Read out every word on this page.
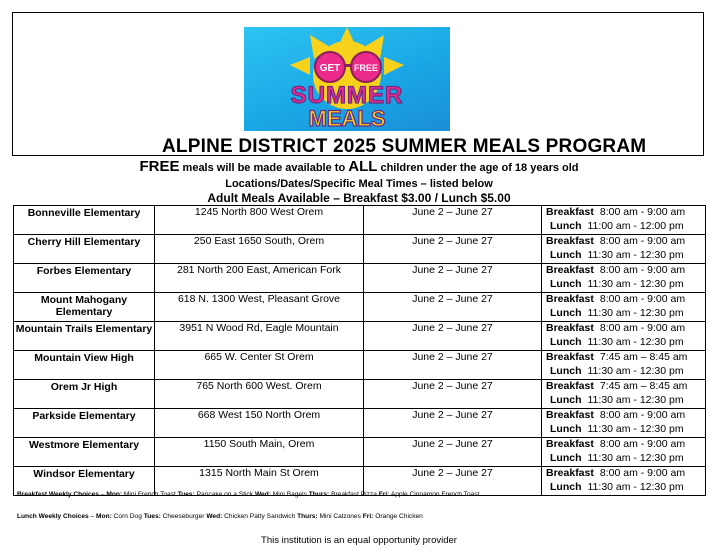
GET FREE
SUMMER
MEALS
ALPINE DISTRICT 2025 SUMMER MEALS PROGRAM
FREE meals will be made available to ALL children under the age of 18 years old
Locations/Dates/Specific Meal Times – listed below
Adult Meals Available – Breakfast $3.00 / Lunch $5.00
Bonneville Elementary	1245 North 800 West Orem	June 2 – June 27	Breakfast 8:00 am - 9:00 am
Lunch 11:00 am - 12:00 pm

Cherry Hill Elementary	250 East 1650 South, Orem	June 2 – June 27	Breakfast 8:00 am - 9:00 am
Lunch 11:30 am - 12:30 pm

Forbes Elementary	281 North 200 East, American Fork	June 2 – June 27	Breakfast 8:00 am - 9:00 am
Lunch 11:30 am - 12:30 pm

Mount Mahogany Elementary	618 N. 1300 West, Pleasant Grove	June 2 – June 27	Breakfast 8:00 am - 9:00 am
Lunch 11:30 am - 12:30 pm

Mountain Trails Elementary	3951 N Wood Rd, Eagle Mountain	June 2 – June 27	Breakfast 8:00 am - 9:00 am
Lunch 11:30 am - 12:30 pm

Mountain View High	665 W. Center St Orem	June 2 – June 27	Breakfast 7:45 am – 8:45 am
Lunch 11:30 am - 12:30 pm

Orem Jr High	765 North 600 West. Orem	June 2 – June 27	Breakfast 7:45 am – 8:45 am
Lunch 11:30 am - 12:30 pm

Parkside Elementary	668 West 150 North Orem	June 2 – June 27	Breakfast 8:00 am - 9:00 am
Lunch 11:30 am - 12:30 pm

Westmore Elementary	1150 South Main, Orem	June 2 – June 27	Breakfast 8:00 am - 9:00 am
Lunch 11:30 am - 12:30 pm

Windsor Elementary	1315 North Main St Orem	June 2 – June 27	Breakfast 8:00 am - 9:00 am
Lunch 11:30 am - 12:30 pm
Breakfast Weekly Choices – Mon: Mini French Toast Tues: Pancake on a Stick Wed: Mini Bagels Thurs: Breakfast Pizza Fri: Apple Cinnamon French Toast
Lunch Weekly Choices – Mon: Corn Dog Tues: Cheeseburger Wed: Chicken Patty Sandwich Thurs: Mini Calzones Fri: Orange Chicken
This institution is an equal opportunity provider
